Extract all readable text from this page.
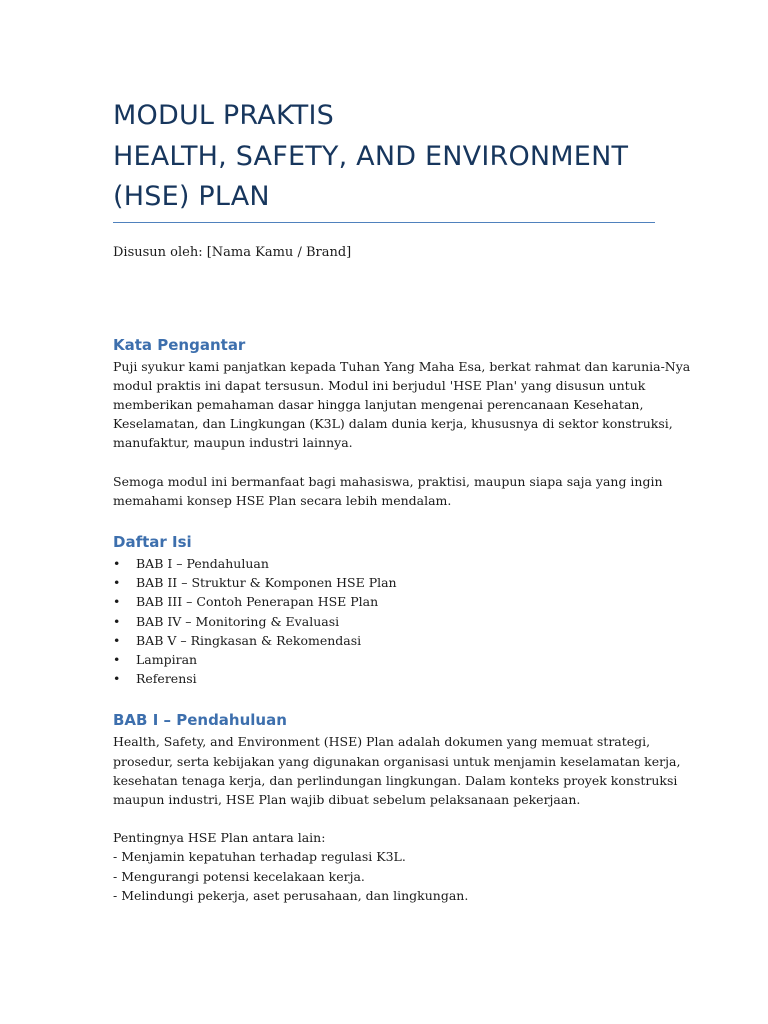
MODUL PRAKTIS
HEALTH, SAFETY, AND ENVIRONMENT
(HSE) PLAN
Disusun oleh: [Nama Kamu / Brand]
Kata Pengantar
Puji syukur kami panjatkan kepada Tuhan Yang Maha Esa, berkat rahmat dan karunia-Nya
modul praktis ini dapat tersusun. Modul ini berjudul 'HSE Plan' yang disusun untuk
memberikan pemahaman dasar hingga lanjutan mengenai perencanaan Kesehatan,
Keselamatan, dan Lingkungan (K3L) dalam dunia kerja, khususnya di sektor konstruksi,
manufaktur, maupun industri lainnya.
Semoga modul ini bermanfaat bagi mahasiswa, praktisi, maupun siapa saja yang ingin
memahami konsep HSE Plan secara lebih mendalam.
Daftar Isi
• BAB I – Pendahuluan
• BAB II – Struktur & Komponen HSE Plan
• BAB III – Contoh Penerapan HSE Plan
• BAB IV – Monitoring & Evaluasi
• BAB V – Ringkasan & Rekomendasi
• Lampiran
• Referensi
BAB I – Pendahuluan
Health, Safety, and Environment (HSE) Plan adalah dokumen yang memuat strategi,
prosedur, serta kebijakan yang digunakan organisasi untuk menjamin keselamatan kerja,
kesehatan tenaga kerja, dan perlindungan lingkungan. Dalam konteks proyek konstruksi
maupun industri, HSE Plan wajib dibuat sebelum pelaksanaan pekerjaan.
Pentingnya HSE Plan antara lain:
- Menjamin kepatuhan terhadap regulasi K3L.
- Mengurangi potensi kecelakaan kerja.
- Melindungi pekerja, aset perusahaan, dan lingkungan.
